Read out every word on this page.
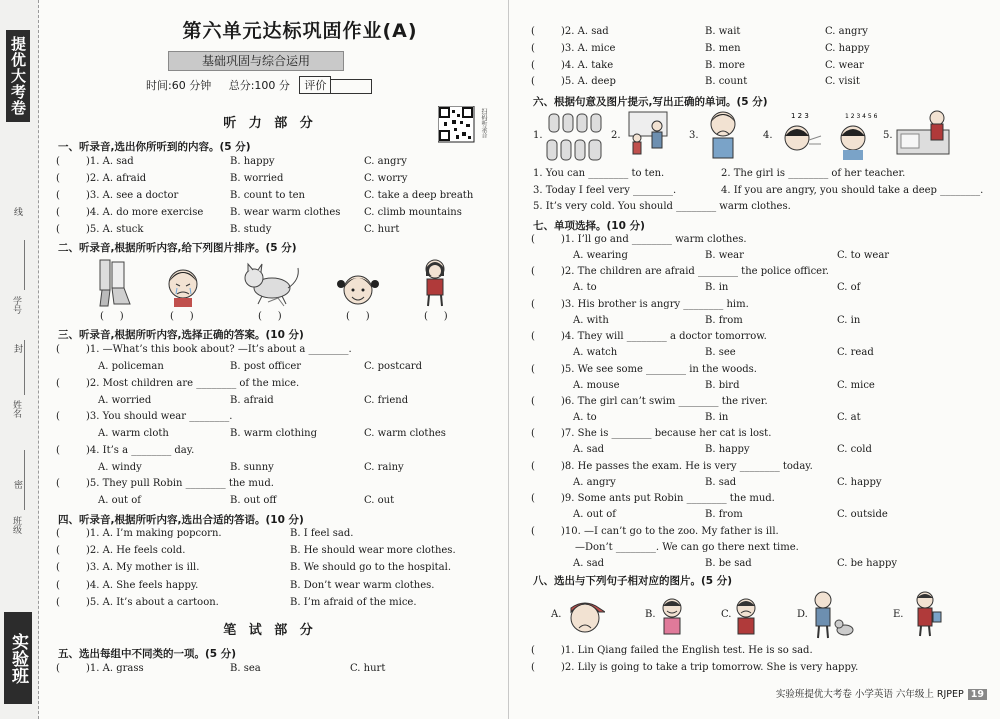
提优大考卷
学号
姓名
班级
线
封
密
实验班
第六单元达标巩固作业(A)
基础巩固与综合运用
时间:60 分钟 总分:100 分 评价
扫码听录音
听 力 部 分
一、听录音,选出你所听到的内容。(5 分)
(	)1. A. sad	B. happy	C. angry
(	)2. A. afraid	B. worried	C. worry
(	)3. A. see a doctor	B. count to ten	C. take a deep breath
(	)4. A. do more exercise	B. wear warm clothes C. climb mountains
(	)5. A. stuck	B. study	C. hurt
二、听录音,根据所听内容,给下列图片排序。(5 分)
(     )	(     )	(     )	(     )	(     )
三、听录音,根据所听内容,选择正确的答案。(10 分)
(	)1. —What’s this book about? —It’s about a ________.
A. policeman	B. post officer	C. postcard
(	)2. Most children are ________ of the mice.
A. worried	B. afraid	C. friend
(	)3. You should wear ________.
A. warm cloth	B. warm clothing	C. warm clothes
(	)4. It’s a ________ day.
A. windy	B. sunny	C. rainy
(	)5. They pull Robin ________ the mud.
A. out of	B. out off	C. out
四、听录音,根据所听内容,选出合适的答语。(10 分)
(	)1. A. I’m making popcorn.	B. I feel sad.
(	)2. A. He feels cold.	B. He should wear more clothes.
(	)3. A. My mother is ill.	B. We should go to the hospital.
(	)4. A. She feels happy.	B. Don’t wear warm clothes.
(	)5. A. It’s about a cartoon.	B. I’m afraid of the mice.
笔 试 部 分
五、选出每组中不同类的一项。(5 分)
(	)1. A. grass	B. sea	C. hurt
(	)2. A. sad	B. wait	C. angry
(	)3. A. mice	B. men	C. happy
(	)4. A. take	B. more	C. wear
(	)5. A. deep	B. count	C. visit
六、根据句意及图片提示,写出正确的单词。(5 分)
1.	2.	3.	4.
1 2 3	1 2 3 4 5 6
5.
1. You can ________ to ten.	2. The girl is ________ of her teacher.
3. Today I feel very ________.	4. If you are angry, you should take a deep ________.
5. It’s very cold. You should ________ warm clothes.
七、单项选择。(10 分)
(	)1. I’ll go and ________ warm clothes.
A. wearing	B. wear	C. to wear
(	)2. The children are afraid ________ the police officer.
A. to	B. in	C. of
(	)3. His brother is angry ________ him.
A. with	B. from	C. in
(	)4. They will ________ a doctor tomorrow.
A. watch	B. see	C. read
(	)5. We see some ________ in the woods.
A. mouse	B. bird	C. mice
(	)6. The girl can’t swim ________ the river.
A. to	B. in	C. at
(	)7. She is ________ because her cat is lost.
A. sad	B. happy	C. cold
(	)8. He passes the exam. He is very ________ today.
A. angry	B. sad	C. happy
(	)9. Some ants put Robin ________ the mud.
A. out of	B. from	C. outside
(	)10. —I can’t go to the zoo. My father is ill.
—Don’t ________. We can go there next time.
A. sad	B. be sad	C. be happy
八、选出与下列句子相对应的图片。(5 分)
A.	B.	C.	D.	E.
(	)1. Lin Qiang failed the English test. He is so sad.
(	)2. Lily is going to take a trip tomorrow. She is very happy.
实验班提优大考卷 小学英语 六年级上 RJPEP 19
